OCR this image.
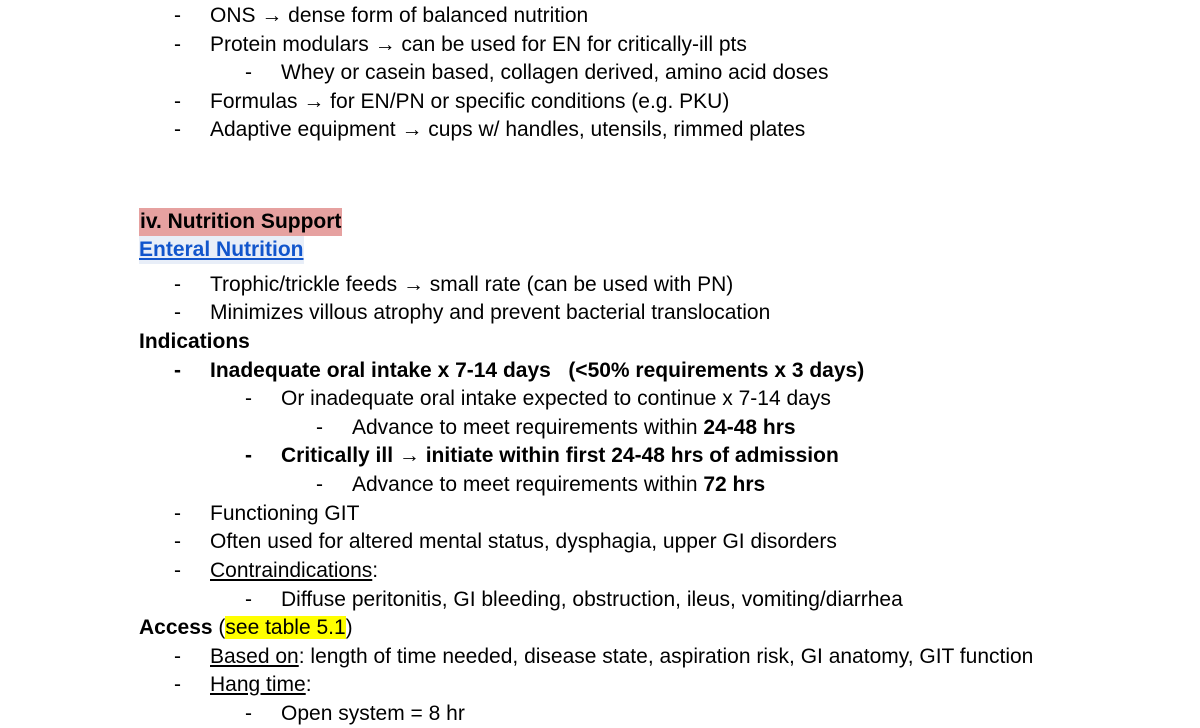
- ONS → dense form of balanced nutrition
- Protein modulars → can be used for EN for critically-ill pts
- Whey or casein based, collagen derived, amino acid doses
- Formulas → for EN/PN or specific conditions (e.g. PKU)
- Adaptive equipment → cups w/ handles, utensils, rimmed plates
iv. Nutrition Support
Enteral Nutrition
- Trophic/trickle feeds → small rate (can be used with PN)
- Minimizes villous atrophy and prevent bacterial translocation
Indications
- Inadequate oral intake x 7-14 days   (<50% requirements x 3 days)
- Or inadequate oral intake expected to continue x 7-14 days
- Advance to meet requirements within 24-48 hrs
- Critically ill → initiate within first 24-48 hrs of admission
- Advance to meet requirements within 72 hrs
- Functioning GIT
- Often used for altered mental status, dysphagia, upper GI disorders
- Contraindications:
- Diffuse peritonitis, GI bleeding, obstruction, ileus, vomiting/diarrhea
Access (see table 5.1)
- Based on: length of time needed, disease state, aspiration risk, GI anatomy, GIT function
- Hang time:
- Open system = 8 hr
